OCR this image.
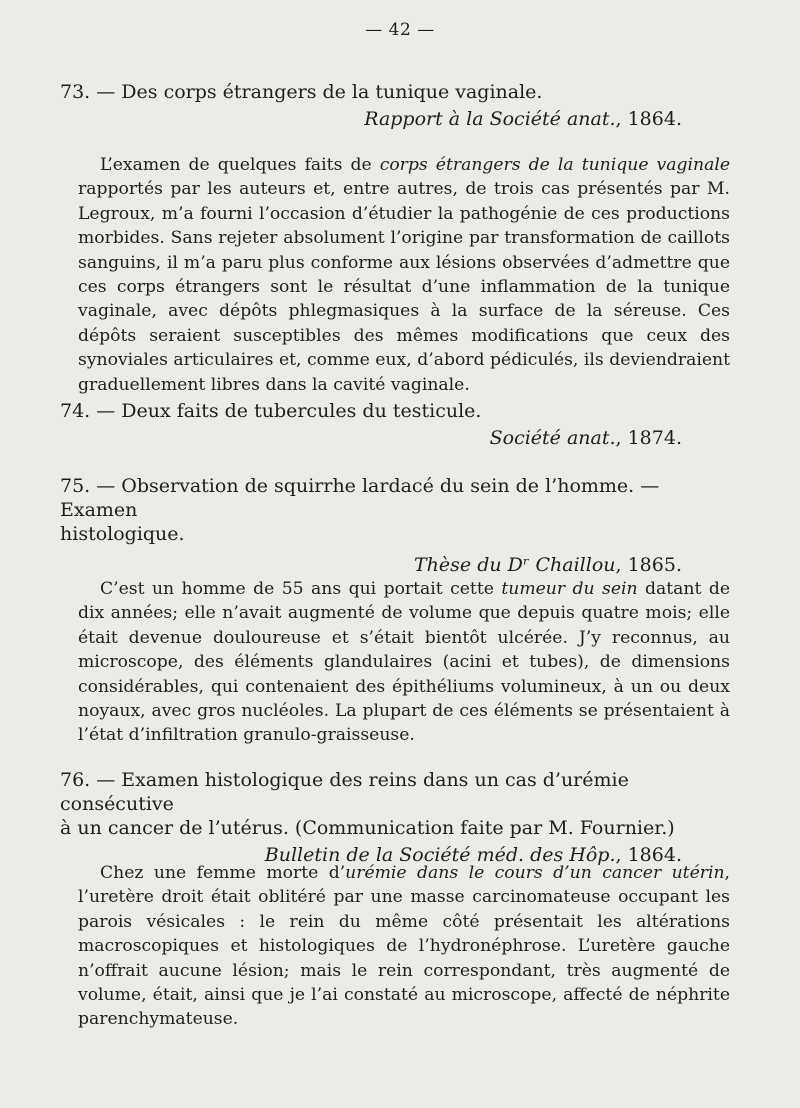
— 42 —
73. — Des corps étrangers de la tunique vaginale.
Rapport à la Société anat., 1864.
L’examen de quelques faits de corps étrangers de la tunique vaginale rapportés par les auteurs et, entre autres, de trois cas présentés par M. Legroux, m’a fourni l’occasion d’étudier la pathogénie de ces productions morbides. Sans rejeter absolument l’origine par transformation de caillots sanguins, il m’a paru plus conforme aux lésions observées d’admettre que ces corps étrangers sont le résultat d’une inflammation de la tunique vaginale, avec dépôts phlegmasiques à la surface de la séreuse. Ces dépôts seraient susceptibles des mêmes modifications que ceux des synoviales articulaires et, comme eux, d’abord pédiculés, ils deviendraient graduellement libres dans la cavité vaginale.
74. — Deux faits de tubercules du testicule.
Société anat., 1874.
75. — Observation de squirrhe lardacé du sein de l’homme. — Examen
histologique.
Thèse du Dʳ Chaillou, 1865.
C’est un homme de 55 ans qui portait cette tumeur du sein datant de dix années; elle n’avait augmenté de volume que depuis quatre mois; elle était devenue douloureuse et s’était bientôt ulcérée. J’y reconnus, au microscope, des éléments glandulaires (acini et tubes), de dimensions considérables, qui contenaient des épithéliums volumineux, à un ou deux noyaux, avec gros nucléoles. La plupart de ces éléments se présentaient à l’état d’infiltration granulo-graisseuse.
76. — Examen histologique des reins dans un cas d’urémie consécutive
à un cancer de l’utérus. (Communication faite par M. Fournier.)
Bulletin de la Société méd. des Hôp., 1864.
Chez une femme morte d’urémie dans le cours d’un cancer utérin, l’uretère droit était oblitéré par une masse carcinomateuse occupant les parois vésicales : le rein du même côté présentait les altérations macroscopiques et histologiques de l’hydronéphrose. L’uretère gauche n’offrait aucune lésion; mais le rein correspondant, très augmenté de volume, était, ainsi que je l’ai constaté au microscope, affecté de néphrite parenchymateuse.
